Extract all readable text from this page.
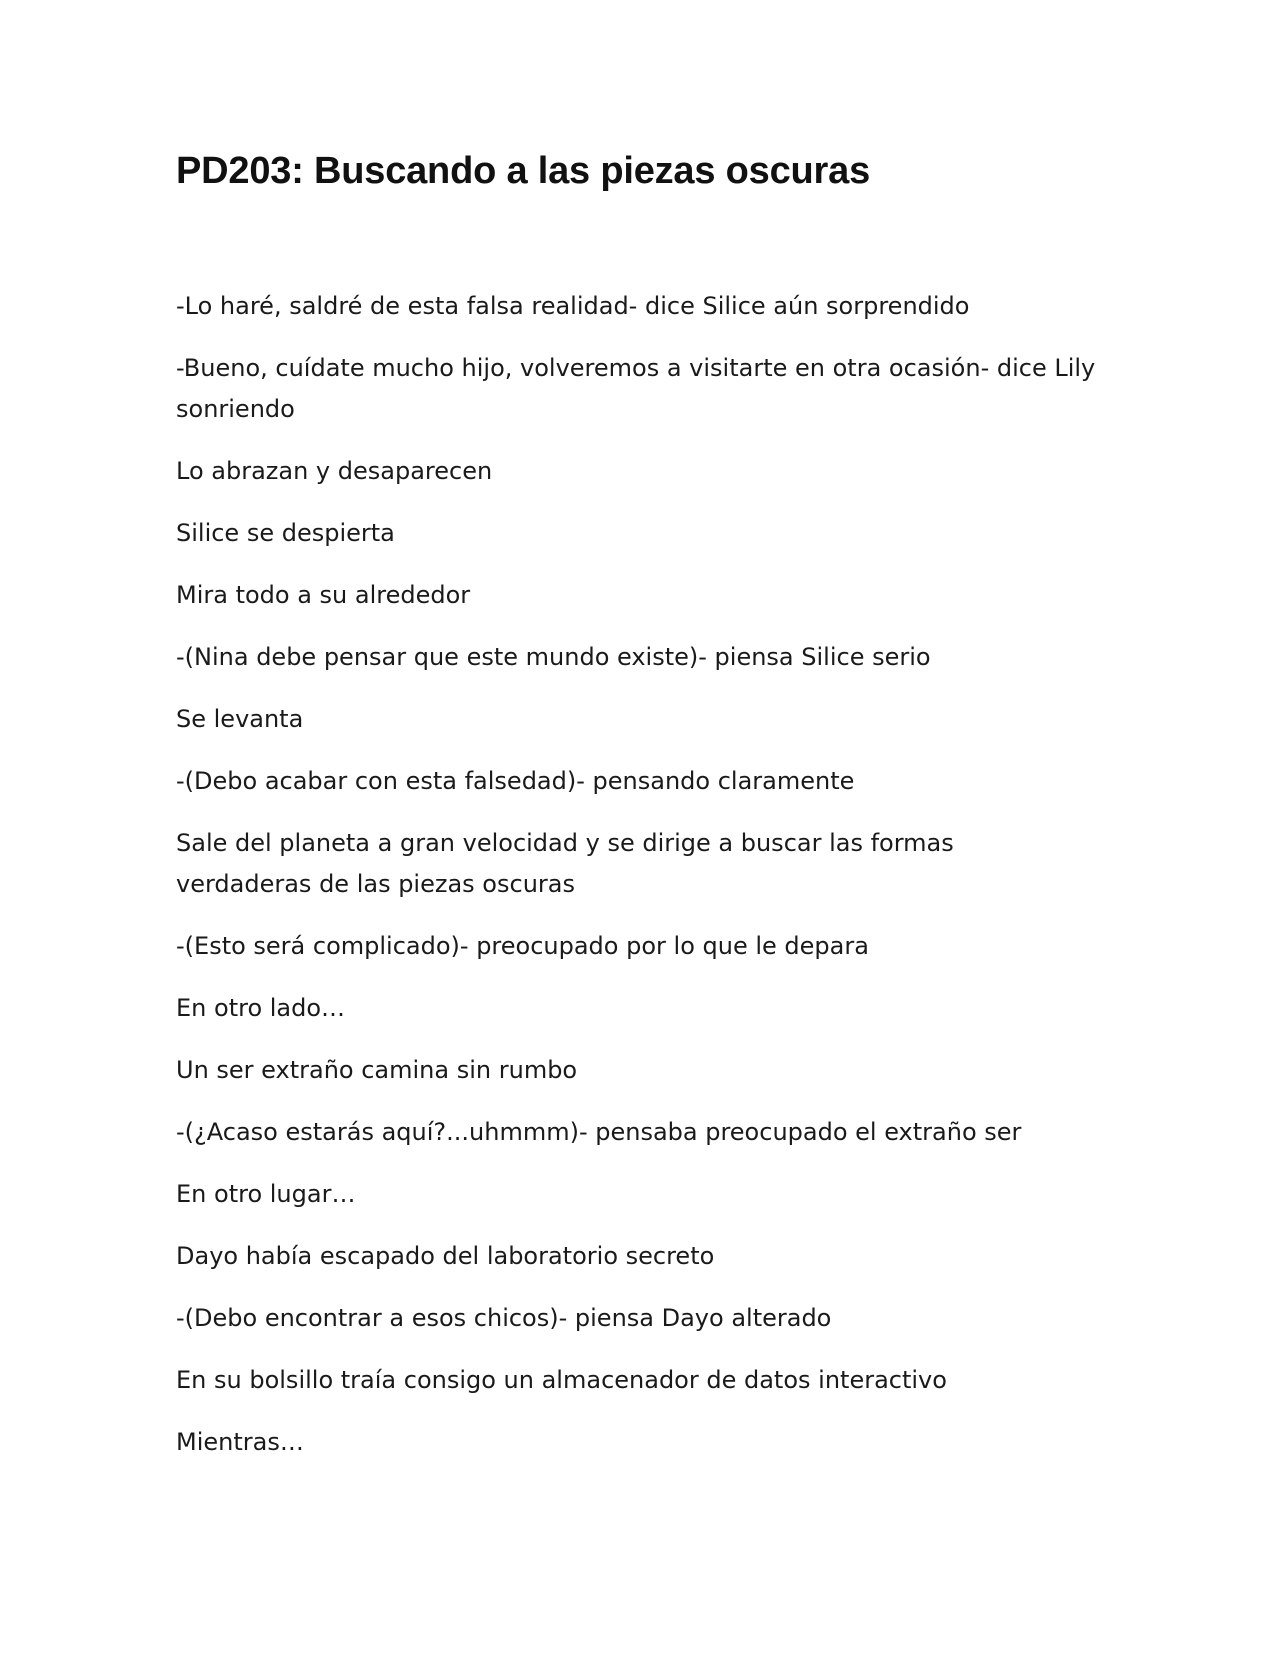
PD203: Buscando a las piezas oscuras

-Lo haré, saldré de esta falsa realidad- dice Silice aún sorprendido

-Bueno, cuídate mucho hijo, volveremos a visitarte en otra ocasión- dice Lily sonriendo

Lo abrazan y desaparecen

Silice se despierta

Mira todo a su alrededor

-(Nina debe pensar que este mundo existe)- piensa Silice serio

Se levanta

-(Debo acabar con esta falsedad)- pensando claramente

Sale del planeta a gran velocidad y se dirige a buscar las formas verdaderas de las piezas oscuras

-(Esto será complicado)- preocupado por lo que le depara

En otro lado…

Un ser extraño camina sin rumbo

-(¿Acaso estarás aquí?...uhmmm)- pensaba preocupado el extraño ser

En otro lugar…

Dayo había escapado del laboratorio secreto

-(Debo encontrar a esos chicos)- piensa Dayo alterado

En su bolsillo traía consigo un almacenador de datos interactivo

Mientras…
